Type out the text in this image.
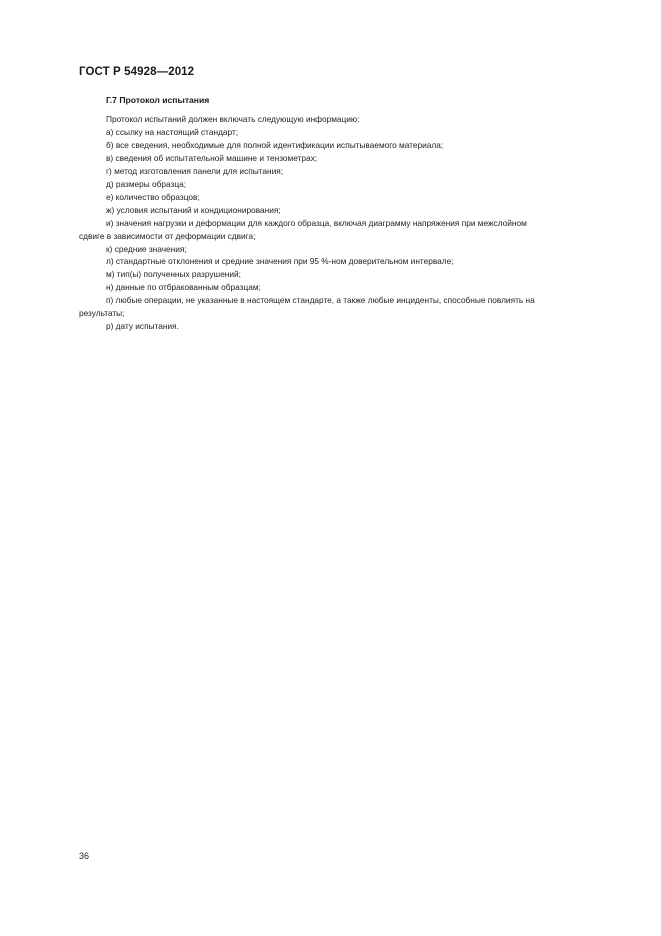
ГОСТ Р 54928—2012
Г.7 Протокол испытания
Протокол испытаний должен включать следующую информацию:
а) ссылку на настоящий стандарт;
б) все сведения, необходимые для полной идентификации испытываемого материала;
в) сведения об испытательной машине и тензометрах;
г) метод изготовления панели для испытания;
д) размеры образца;
е) количество образцов;
ж) условия испытаний и кондиционирования;
и) значения нагрузки и деформации для каждого образца, включая диаграмму напряжения при межслойном
сдвиге в зависимости от деформации сдвига;
к) средние значения;
л) стандартные отклонения и средние значения при 95 %-ном доверительном интервале;
м) тип(ы) полученных разрушений;
н) данные по отбракованным образцам;
п) любые операции, не указанные в настоящем стандарте, а также любые инциденты, способные повлиять на
результаты;
р) дату испытания.
36
